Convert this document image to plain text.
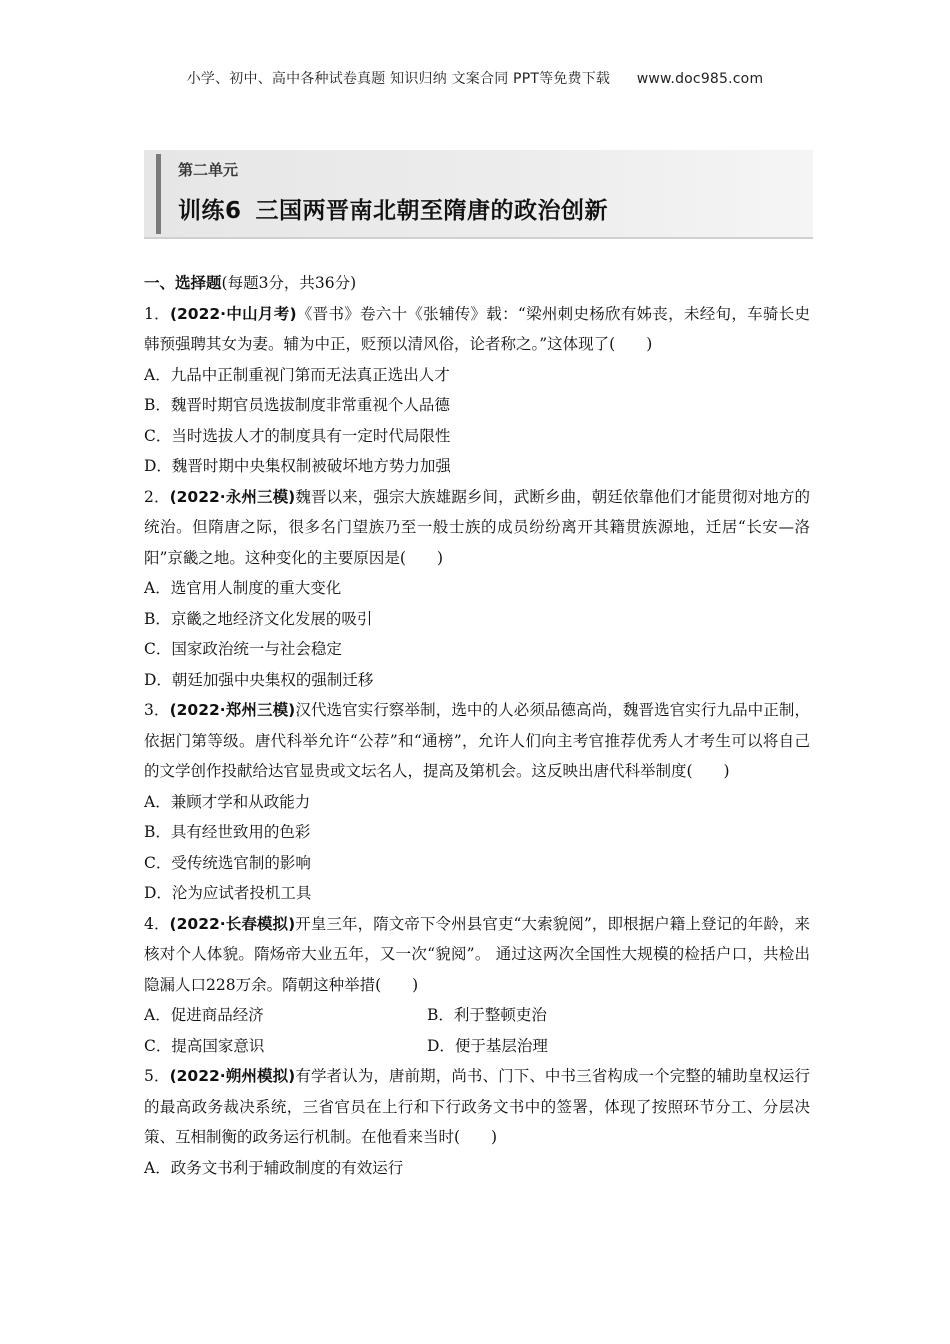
小学、初中、高中各种试卷真题 知识归纳 文案合同 PPT等免费下载 www.doc985.com
第二单元
训练6 三国两晋南北朝至隋唐的政治创新

一、选择题(每题3分，共36分)

1．(2022·中山月考)《晋书》卷六十《张辅传》载：“梁州刺史杨欣有姊丧，未经旬，车骑长史韩预强聘其女为妻。辅为中正，贬预以清风俗，论者称之。”这体现了(　　)

A．九品中正制重视门第而无法真正选出人才

B．魏晋时期官员选拔制度非常重视个人品德

C．当时选拔人才的制度具有一定时代局限性

D．魏晋时期中央集权制被破坏地方势力加强

2．(2022·永州三模)魏晋以来，强宗大族雄踞乡间，武断乡曲，朝廷依靠他们才能贯彻对地方的统治。但隋唐之际，很多名门望族乃至一般士族的成员纷纷离开其籍贯族源地，迁居“长安—洛阳”京畿之地。这种变化的主要原因是(　　)

A．选官用人制度的重大变化

B．京畿之地经济文化发展的吸引

C．国家政治统一与社会稳定

D．朝廷加强中央集权的强制迁移

3．(2022·郑州三模)汉代选官实行察举制，选中的人必须品德高尚，魏晋选官实行九品中正制，依据门第等级。唐代科举允许“公荐”和“通榜”，允许人们向主考官推荐优秀人才考生可以将自己的文学创作投献给达官显贵或文坛名人，提高及第机会。这反映出唐代科举制度(　　)

A．兼顾才学和从政能力

B．具有经世致用的色彩

C．受传统选官制的影响

D．沦为应试者投机工具

4．(2022·长春模拟)开皇三年，隋文帝下令州县官吏“大索貌阅”，即根据户籍上登记的年龄，来核对个人体貌。隋炀帝大业五年，又一次“貌阅”。 通过这两次全国性大规模的检括户口，共检出隐漏人口228万余。隋朝这种举措(　　)

A．促进商品经济	B．利于整顿吏治

C．提高国家意识	D．便于基层治理

5．(2022·朔州模拟)有学者认为，唐前期，尚书、门下、中书三省构成一个完整的辅助皇权运行的最高政务裁决系统，三省官员在上行和下行政务文书中的签署，体现了按照环节分工、分层决策、互相制衡的政务运行机制。在他看来当时(　　)

A．政务文书利于辅政制度的有效运行
